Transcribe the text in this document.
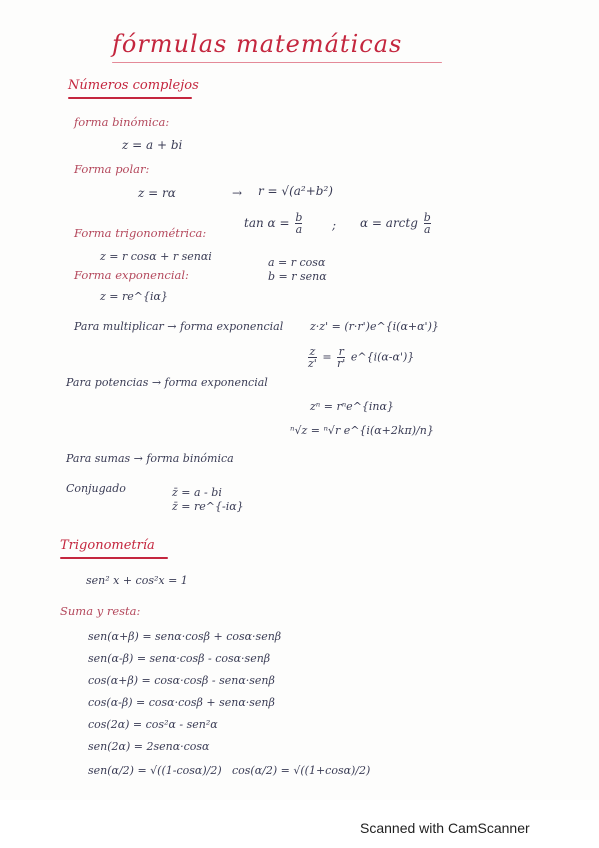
fórmulas matemáticas
Números complejos
forma binómica:
z = a + bi
Forma polar:
z = rα	→ r = √(a²+b²)
$\tan \alpha = \frac{b}{a}$ ; α = arctg $\frac{b}{a}$
Forma trigonométrica:
z = r cosα + r senαi	a = r cosα
b = r senα
Forma exponencial:
z = re^{iα}
Para multiplicar → forma exponencial z·z' = (r·r')e^{i(α+α')}
$\frac{z}{z'} = \frac{r}{r'}$ e^{i(α-α')}
Para potencias → forma exponencial
zⁿ = rⁿe^{inα}
ⁿ√z = ⁿ√r e^{i(α+2kπ)/n}
Para sumas → forma binómica
Conjugado	z̄ = a - bi
z̄ = re^{-iα}
Trigonometría
sen² x + cos²x = 1
Suma y resta:
sen(α+β) = senα·cosβ + cosα·senβ
sen(α-β) = senα·cosβ - cosα·senβ
cos(α+β) = cosα·cosβ - senα·senβ
cos(α-β) = cosα·cosβ + senα·senβ
cos(2α) = cos²α - sen²α
sen(2α) = 2senα·cosα
sen(α/2) = √((1-cosα)/2) cos(α/2) = √((1+cosα)/2)
Scanned with CamScanner
